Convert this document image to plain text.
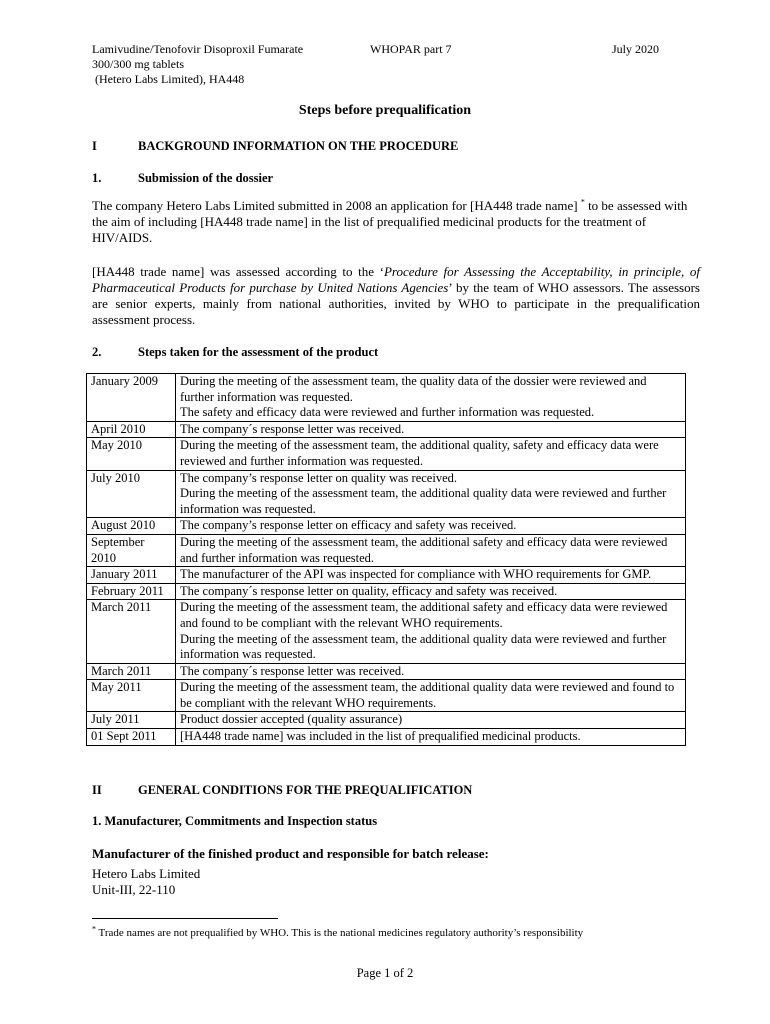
Lamivudine/Tenofovir Disoproxil Fumarate
300/300 mg tablets
(Hetero Labs Limited), HA448
WHOPAR part 7	July 2020
Steps before prequalification
I	BACKGROUND INFORMATION ON THE PROCEDURE
1.	Submission of the dossier

The company Hetero Labs Limited submitted in 2008 an application for [HA448 trade name] * to be assessed with the aim of including [HA448 trade name] in the list of prequalified medicinal products for the treatment of HIV/AIDS.

[HA448 trade name] was assessed according to the ‘Procedure for Assessing the Acceptability, in principle, of Pharmaceutical Products for purchase by United Nations Agencies’ by the team of WHO assessors. The assessors are senior experts, mainly from national authorities, invited by WHO to participate in the prequalification assessment process.

2.	Steps taken for the assessment of the product
January 2009	During the meeting of the assessment team, the quality data of the dossier were reviewed and further information was requested.
The safety and efficacy data were reviewed and further information was requested.

April 2010	The company´s response letter was received.

May 2010	During the meeting of the assessment team, the additional quality, safety and efficacy data were reviewed and further information was requested.

July 2010	The company’s response letter on quality was received.
During the meeting of the assessment team, the additional quality data were reviewed and further information was requested.

August 2010	The company’s response letter on efficacy and safety was received.

September
2010	During the meeting of the assessment team, the additional safety and efficacy data were reviewed and further information was requested.

January 2011	The manufacturer of the API was inspected for compliance with WHO requirements for GMP.

February 2011	The company´s response letter on quality, efficacy and safety was received.

March 2011	During the meeting of the assessment team, the additional safety and efficacy data were reviewed and found to be compliant with the relevant WHO requirements.
During the meeting of the assessment team, the additional quality data were reviewed and further information was requested.

March 2011	The company´s response letter was received.

May 2011	During the meeting of the assessment team, the additional quality data were reviewed and found to be compliant with the relevant WHO requirements.

July 2011	Product dossier accepted (quality assurance)

01 Sept 2011	[HA448 trade name] was included in the list of prequalified medicinal products.
II	GENERAL CONDITIONS FOR THE PREQUALIFICATION
1. Manufacturer, Commitments and Inspection status
Manufacturer of the finished product and responsible for batch release:
Hetero Labs Limited
Unit-III, 22-110
* Trade names are not prequalified by WHO. This is the national medicines regulatory authority’s responsibility
Page 1 of 2
